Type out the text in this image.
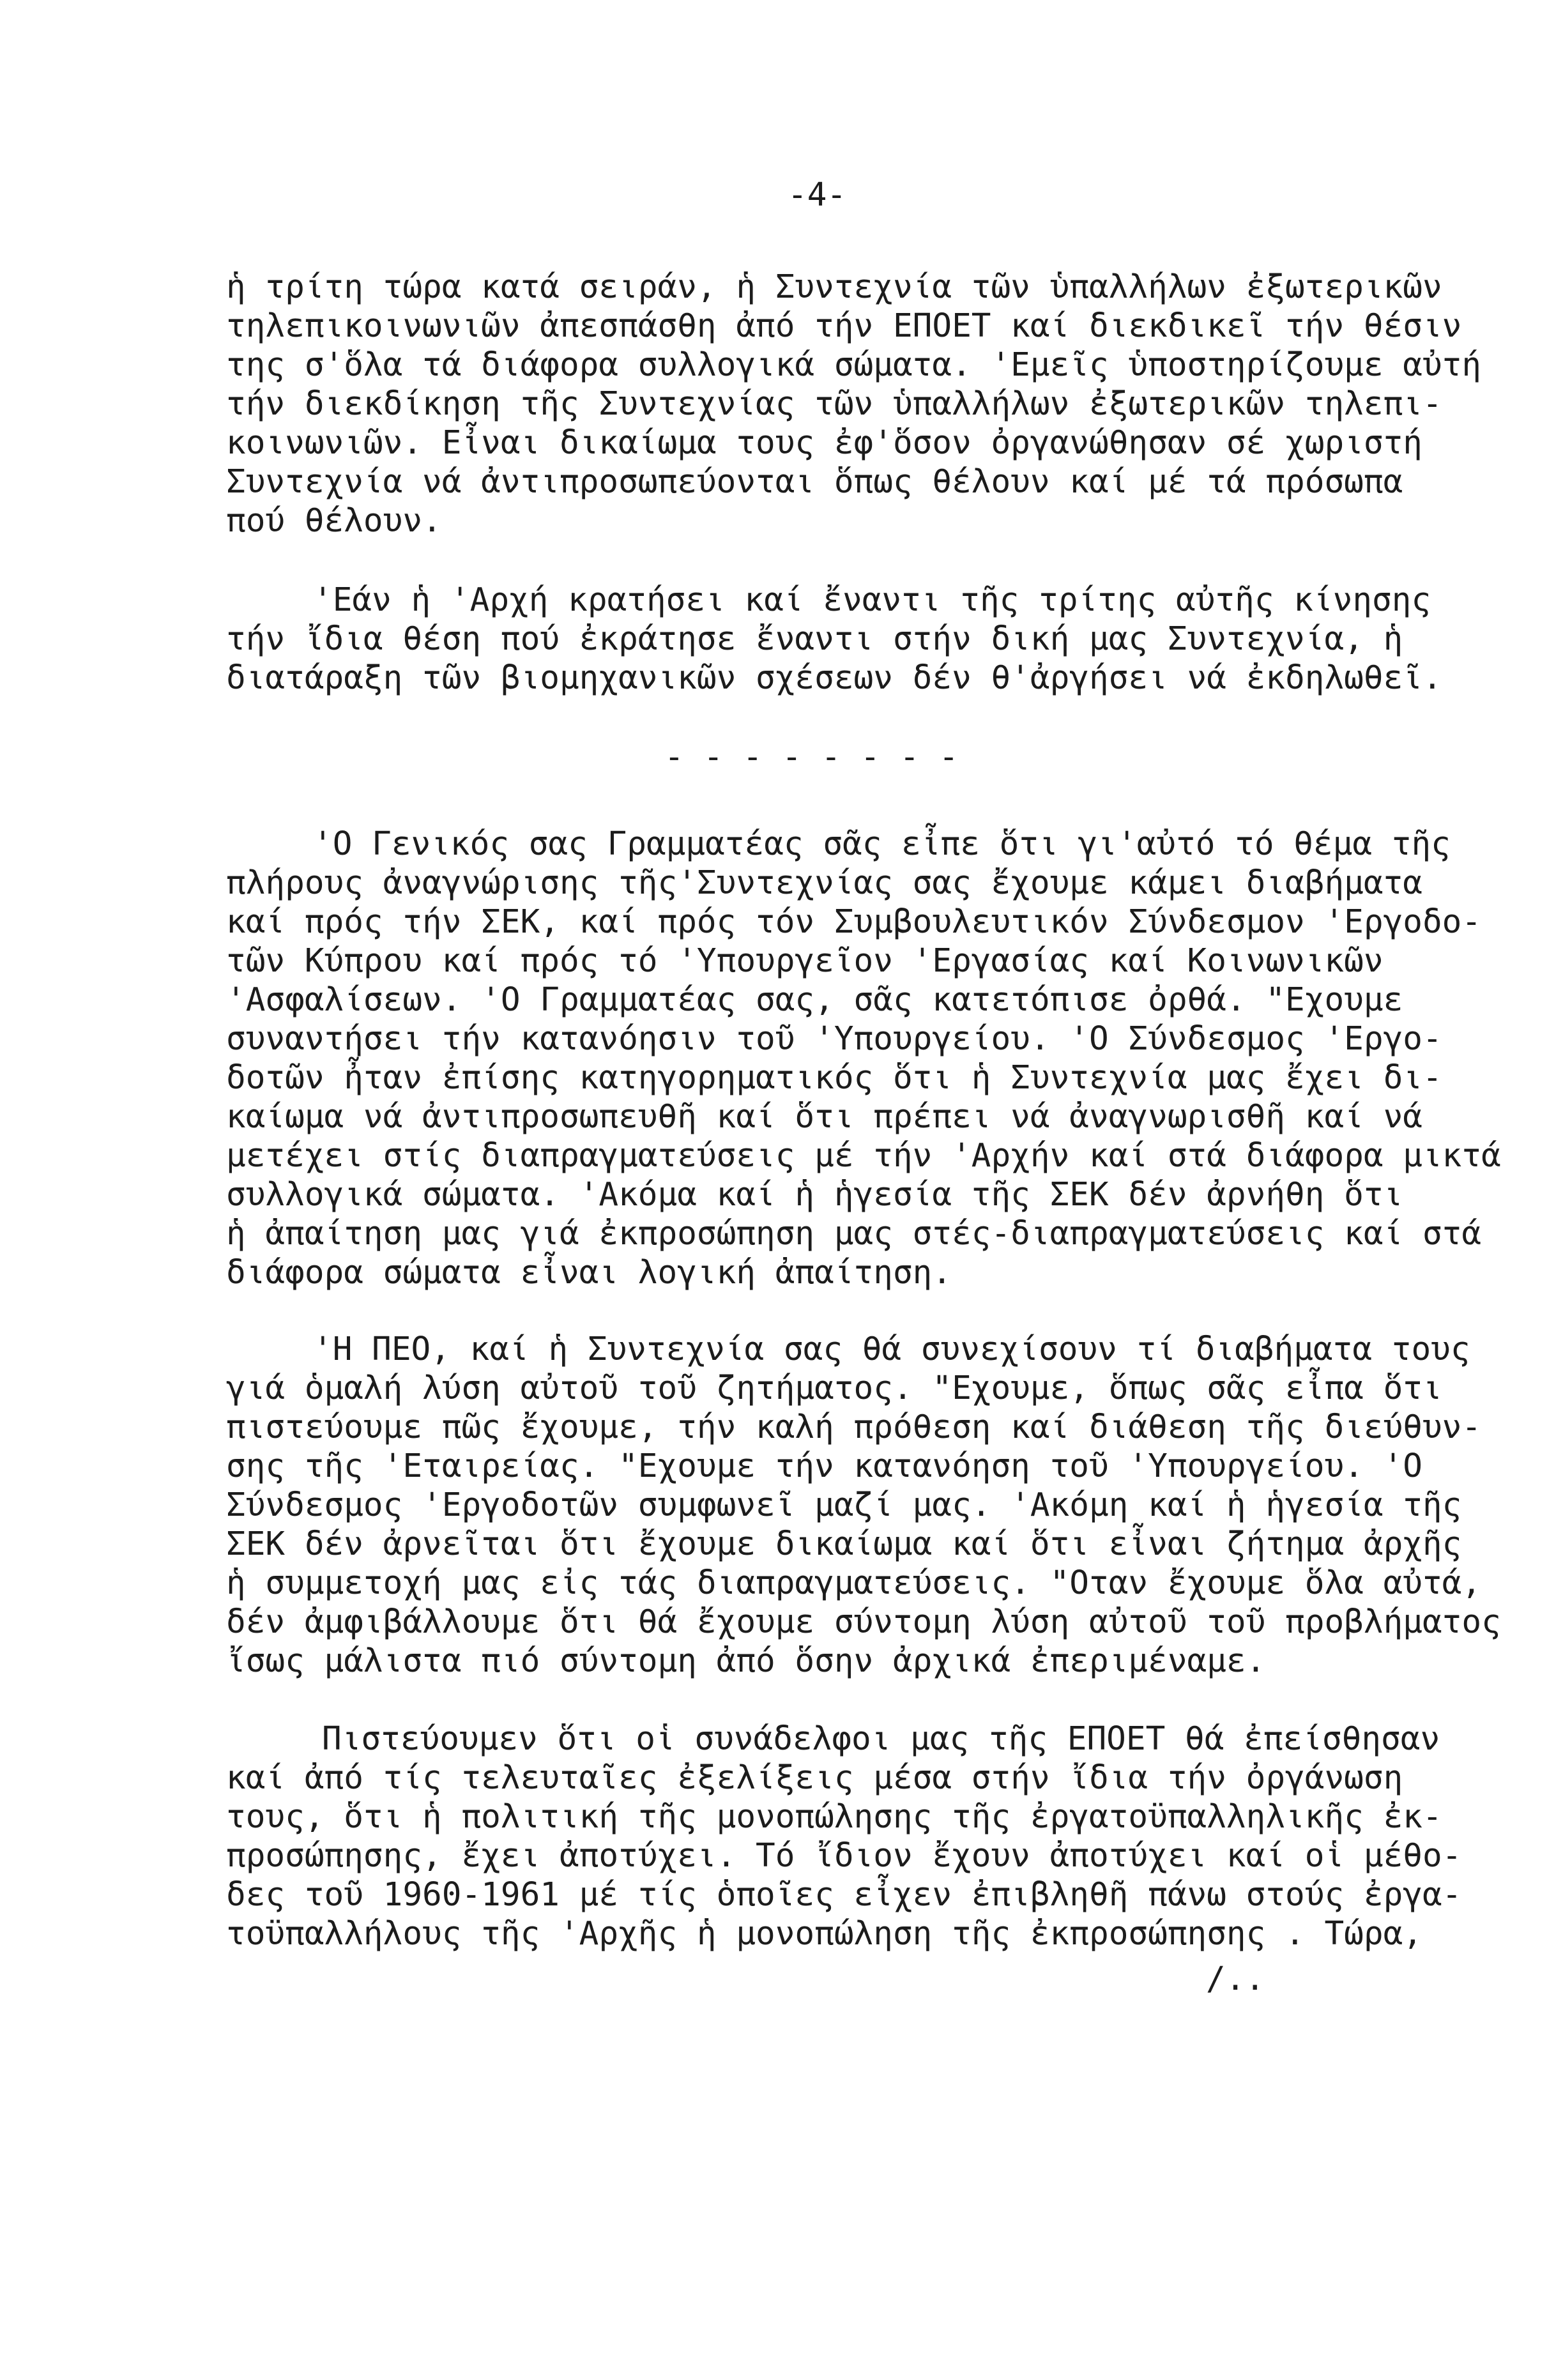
-4-
ἡ τρίτη τώρα κατά σειράν, ἡ Συντεχνία τῶν ὑπαλλήλων ἐξωτερικῶν
τηλεπικοινωνιῶν ἀπεσπάσθη ἀπό τήν ΕΠΟΕΤ καί διεκδικεῖ τήν θέσιν
της σ'ὅλα τά διάφορα συλλογικά σώματα. 'Εμεῖς ὑποστηρίζουμε αὐτή
τήν διεκδίκηση τῆς Συντεχνίας τῶν ὑπαλλήλων ἐξωτερικῶν τηλεπι-
κοινωνιῶν. Εἶναι δικαίωμα τους ἐφ'ὅσον ὀργανώθησαν σέ χωριστή
Συντεχνία νά ἀντιπροσωπεύονται ὅπως θέλουν καί μέ τά πρόσωπα
πού θέλουν.
'Εάν ἡ 'Αρχή κρατήσει καί ἔναντι τῆς τρίτης αὐτῆς κίνησης
τήν ἴδια θέση πού ἐκράτησε ἔναντι στήν δική μας Συντεχνία, ἡ
διατάραξη τῶν βιομηχανικῶν σχέσεων δέν θ'ἀργήσει νά ἐκδηλωθεῖ.
- - - - - - - -
'Ο Γενικός σας Γραμματέας σᾶς εἶπε ὅτι γι'αὐτό τό θέμα τῆς
πλήρους ἀναγνώρισης τῆς'Συντεχνίας σας ἔχουμε κάμει διαβήματα
καί πρός τήν ΣΕΚ, καί πρός τόν Συμβουλευτικόν Σύνδεσμον 'Εργοδο-
τῶν Κύπρου καί πρός τό 'Υπουργεῖον 'Εργασίας καί Κοινωνικῶν
'Ασφαλίσεων. 'Ο Γραμματέας σας, σᾶς κατετόπισε ὀρθά. "Εχουμε
συναντήσει τήν κατανόησιν τοῦ 'Υπουργείου. 'Ο Σύνδεσμος 'Εργο-
δοτῶν ἦταν ἐπίσης κατηγορηματικός ὅτι ἡ Συντεχνία μας ἔχει δι-
καίωμα νά ἀντιπροσωπευθῆ καί ὅτι πρέπει νά ἀναγνωρισθῆ καί νά
μετέχει στίς διαπραγματεύσεις μέ τήν 'Αρχήν καί στά διάφορα μικτά
συλλογικά σώματα. 'Ακόμα καί ἡ ἡγεσία τῆς ΣΕΚ δέν ἀρνήθη ὅτι
ἡ ἀπαίτηση μας γιά ἐκπροσώπηση μας στές-διαπραγματεύσεις καί στά
διάφορα σώματα εἶναι λογική ἀπαίτηση.
'Η ΠΕΟ, καί ἡ Συντεχνία σας θά συνεχίσουν τί διαβήματα τους
γιά ὁμαλή λύση αὐτοῦ τοῦ ζητήματος. "Εχουμε, ὅπως σᾶς εἶπα ὅτι
πιστεύουμε πῶς ἔχουμε, τήν καλή πρόθεση καί διάθεση τῆς διεύθυν-
σης τῆς 'Εταιρείας. "Εχουμε τήν κατανόηση τοῦ 'Υπουργείου. 'Ο
Σύνδεσμος 'Εργοδοτῶν συμφωνεῖ μαζί μας. 'Ακόμη καί ἡ ἡγεσία τῆς
ΣΕΚ δέν ἀρνεῖται ὅτι ἔχουμε δικαίωμα καί ὅτι εἶναι ζήτημα ἀρχῆς
ἡ συμμετοχή μας εἰς τάς διαπραγματεύσεις. "Οταν ἔχουμε ὅλα αὐτά,
δέν ἀμφιβάλλουμε ὅτι θά ἔχουμε σύντομη λύση αὐτοῦ τοῦ προβλήματος
ἴσως μάλιστα πιό σύντομη ἀπό ὅσην ἀρχικά ἐπεριμέναμε.
Πιστεύουμεν ὅτι οἱ συνάδελφοι μας τῆς ΕΠΟΕΤ θά ἐπείσθησαν
καί ἀπό τίς τελευταῖες ἐξελίξεις μέσα στήν ἴδια τήν ὀργάνωση
τους, ὅτι ἡ πολιτική τῆς μονοπώλησης τῆς ἐργατοϋπαλληλικῆς ἐκ-
προσώπησης, ἔχει ἀποτύχει. Τό ἴδιον ἔχουν ἀποτύχει καί οἱ μέθο-
δες τοῦ 1960-1961 μέ τίς ὁποῖες εἶχεν ἐπιβληθῆ πάνω στούς ἐργα-
τοϋπαλλήλους τῆς 'Αρχῆς ἡ μονοπώληση τῆς ἐκπροσώπησης . Τώρα,
/..
